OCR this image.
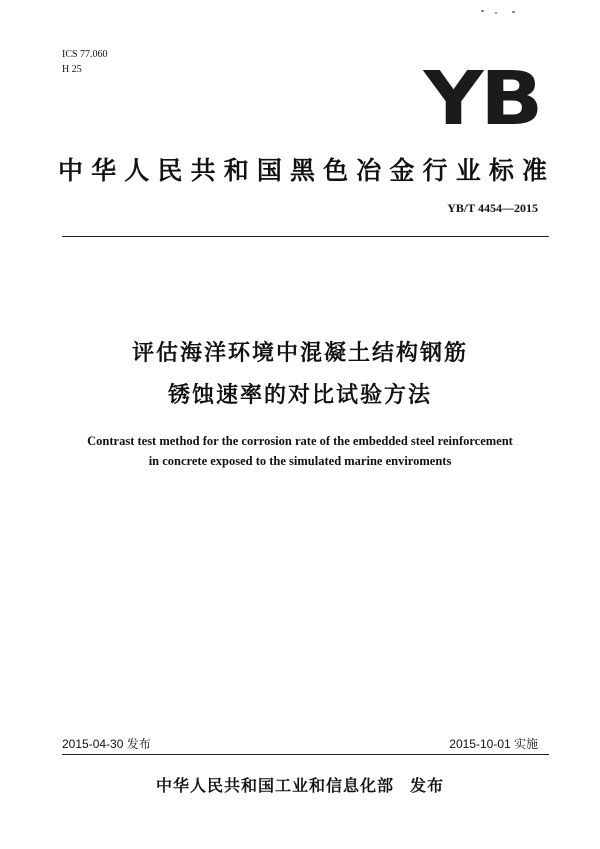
ICS 77.060
H 25	YB
中华人民共和国黑色冶金行业标准
YB/T 4454—2015
评估海洋环境中混凝土结构钢筋
锈蚀速率的对比试验方法
Contrast test method for the corrosion rate of the embedded steel reinforcement
in concrete exposed to the simulated marine enviroments
2015-04-30 发布	2015-10-01 实施
中华人民共和国工业和信息化部 发布
